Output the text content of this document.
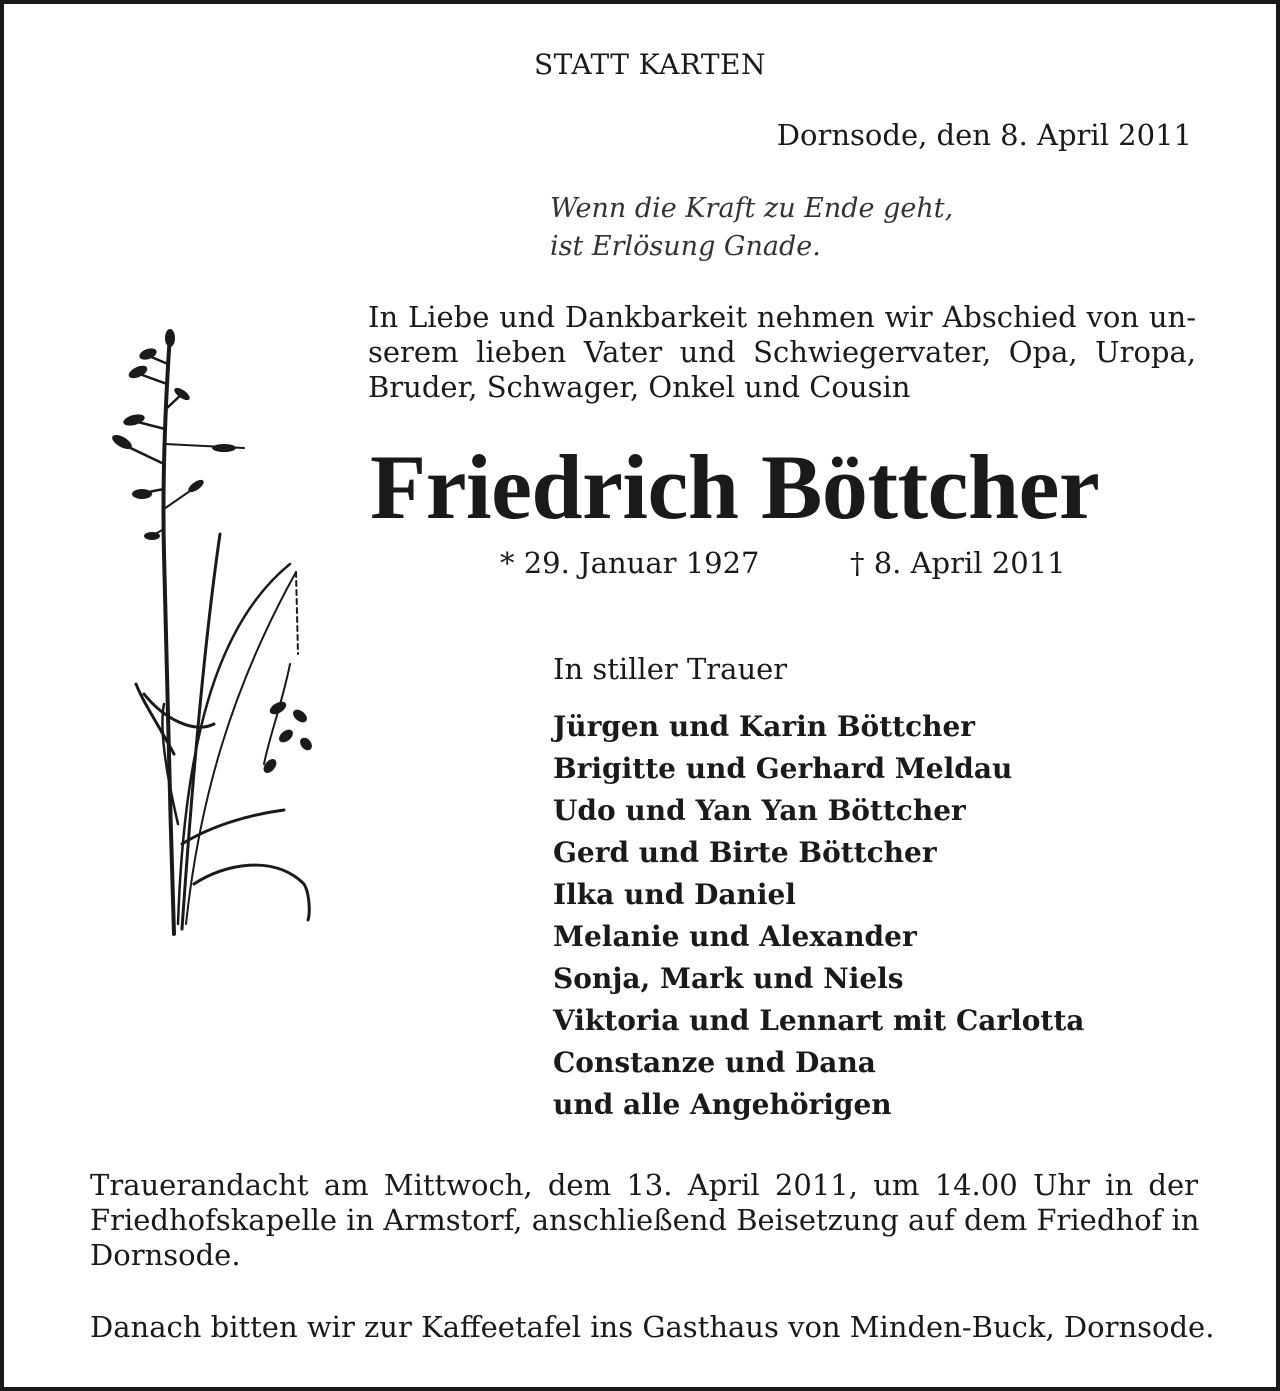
STATT KARTEN

Dornsode, den 8. April 2011

Wenn die Kraft zu Ende geht,
ist Erlösung Gnade.

In Liebe und Dankbarkeit nehmen wir Abschied von un-
serem lieben Vater und Schwiegervater, Opa, Uropa,
Bruder, Schwager, Onkel und Cousin
Friedrich Böttcher

* 29. Januar 1927	† 8. April 2011

In stiller Trauer

Jürgen und Karin Böttcher
Brigitte und Gerhard Meldau
Udo und Yan Yan Böttcher
Gerd und Birte Böttcher
Ilka und Daniel
Melanie und Alexander
Sonja, Mark und Niels
Viktoria und Lennart mit Carlotta
Constanze und Dana
und alle Angehörigen
Trauerandacht am Mittwoch, dem 13. April 2011, um 14.00 Uhr in der
Friedhofskapelle in Armstorf, anschließend Beisetzung auf dem Friedhof in
Dornsode.

Danach bitten wir zur Kaffeetafel ins Gasthaus von Minden-Buck, Dornsode.
